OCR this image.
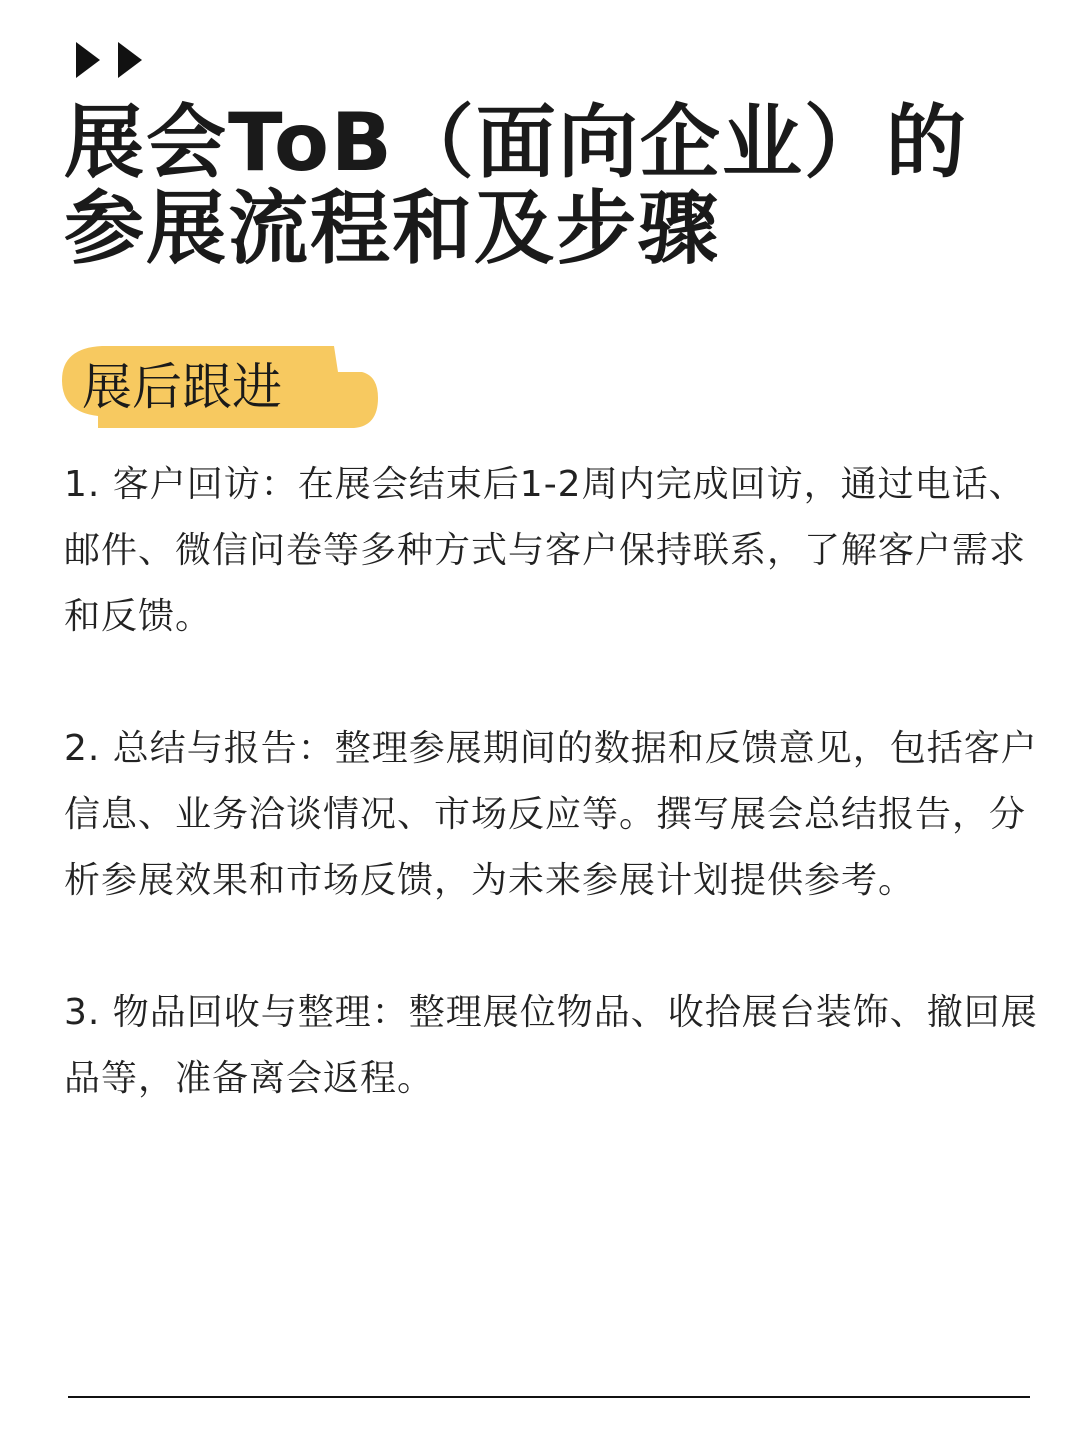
展会ToB（面向企业）的
参展流程和及步骤
展后跟进

1. 客户回访：在展会结束后1-2周内完成回访，通过电话、邮件、微信问卷等多种方式与客户保持联系，了解客户需求和反馈。

2. 总结与报告：整理参展期间的数据和反馈意见，包括客户信息、业务洽谈情况、市场反应等。撰写展会总结报告，分析参展效果和市场反馈，为未来参展计划提供参考。

3. 物品回收与整理：整理展位物品、收拾展台装饰、撤回展品等，准备离会返程。
